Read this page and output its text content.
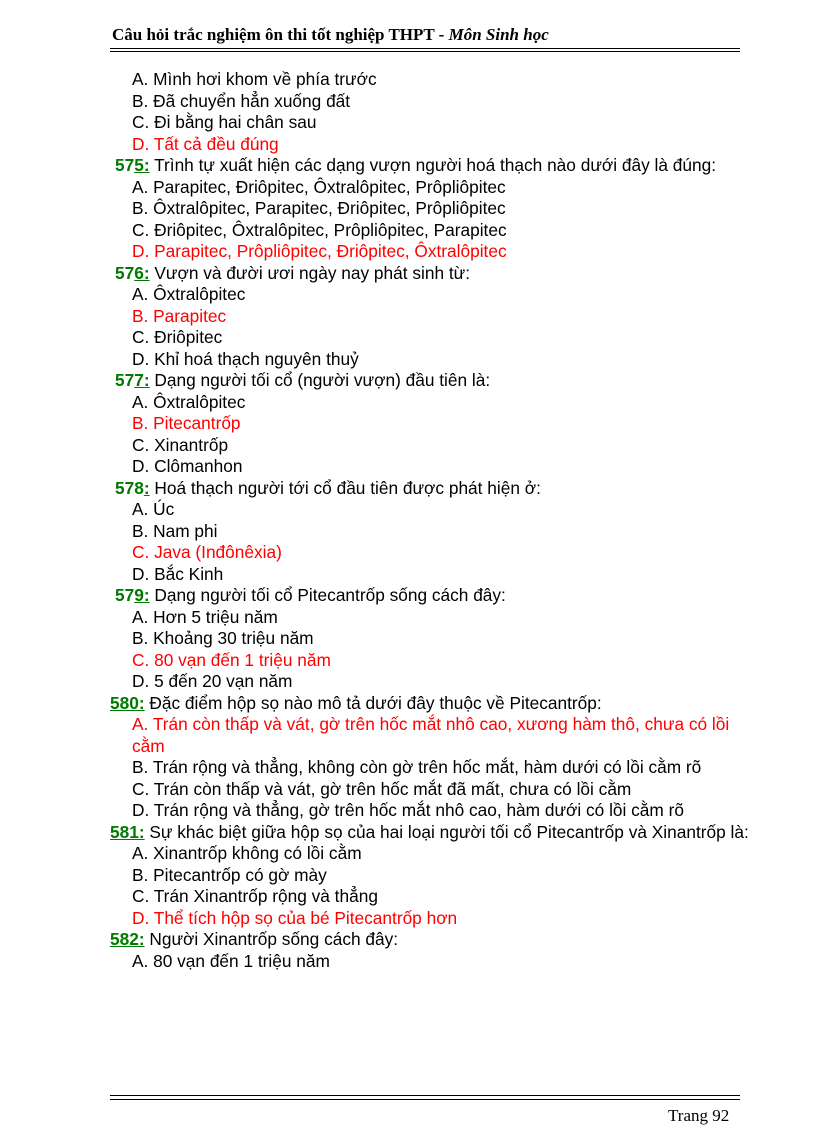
Câu hỏi trắc nghiệm ôn thi tốt nghiệp THPT - Môn Sinh học
A. Mình hơi khom về phía trước
B. Đã chuyển hẳn xuống đất
C. Đi bằng hai chân sau
D. Tất cả đều đúng
575: Trình tự xuất hiện các dạng vượn người hoá thạch nào dưới đây là đúng:
A. Parapitec, Đriôpitec, Ôxtralôpitec, Prôpliôpitec
B. Ôxtralôpitec, Parapitec, Đriôpitec, Prôpliôpitec
C. Đriôpitec, Ôxtralôpitec, Prôpliôpitec, Parapitec
D. Parapitec, Prôpliôpitec, Đriôpitec, Ôxtralôpitec
576: Vượn và đười ươi ngày nay phát sinh từ:
A. Ôxtralôpitec
B. Parapitec
C. Đriôpitec
D. Khỉ hoá thạch nguyên thuỷ
577: Dạng người tối cổ (người vượn) đầu tiên là:
A. Ôxtralôpitec
B. Pitecantrốp
C. Xinantrốp
D. Clômanhon
578: Hoá thạch người tới cổ đầu tiên được phát hiện ở:
A. Úc
B. Nam phi
C. Java (Inđônêxia)
D. Bắc Kinh
579: Dạng người tối cổ Pitecantrốp sống cách đây:
A. Hơn 5 triệu năm
B. Khoảng 30 triệu năm
C. 80 vạn đến 1 triệu năm
D. 5 đến 20 vạn năm
580: Đặc điểm hộp sọ nào mô tả dưới đây thuộc về Pitecantrốp:
A. Trán còn thấp và vát, gờ trên hốc mắt nhô cao, xương hàm thô, chưa có lồi cằm
B. Trán rộng và thẳng, không còn gờ trên hốc mắt, hàm dưới có lồi cằm rõ
C. Trán còn thấp và vát, gờ trên hốc mắt đã mất, chưa có lồi cằm
D. Trán rộng và thẳng, gờ trên hốc mắt nhô cao, hàm dưới có lồi cằm rõ
581: Sự khác biệt giữa hộp sọ của hai loại người tối cổ Pitecantrốp và Xinantrốp là:
A. Xinantrốp không có lồi cằm
B. Pitecantrốp có gờ mày
C. Trán Xinantrốp rộng và thẳng
D. Thể tích hộp sọ của bé Pitecantrốp hơn
582: Người Xinantrốp sống cách đây:
A. 80 vạn đến 1 triệu năm
Trang 92
